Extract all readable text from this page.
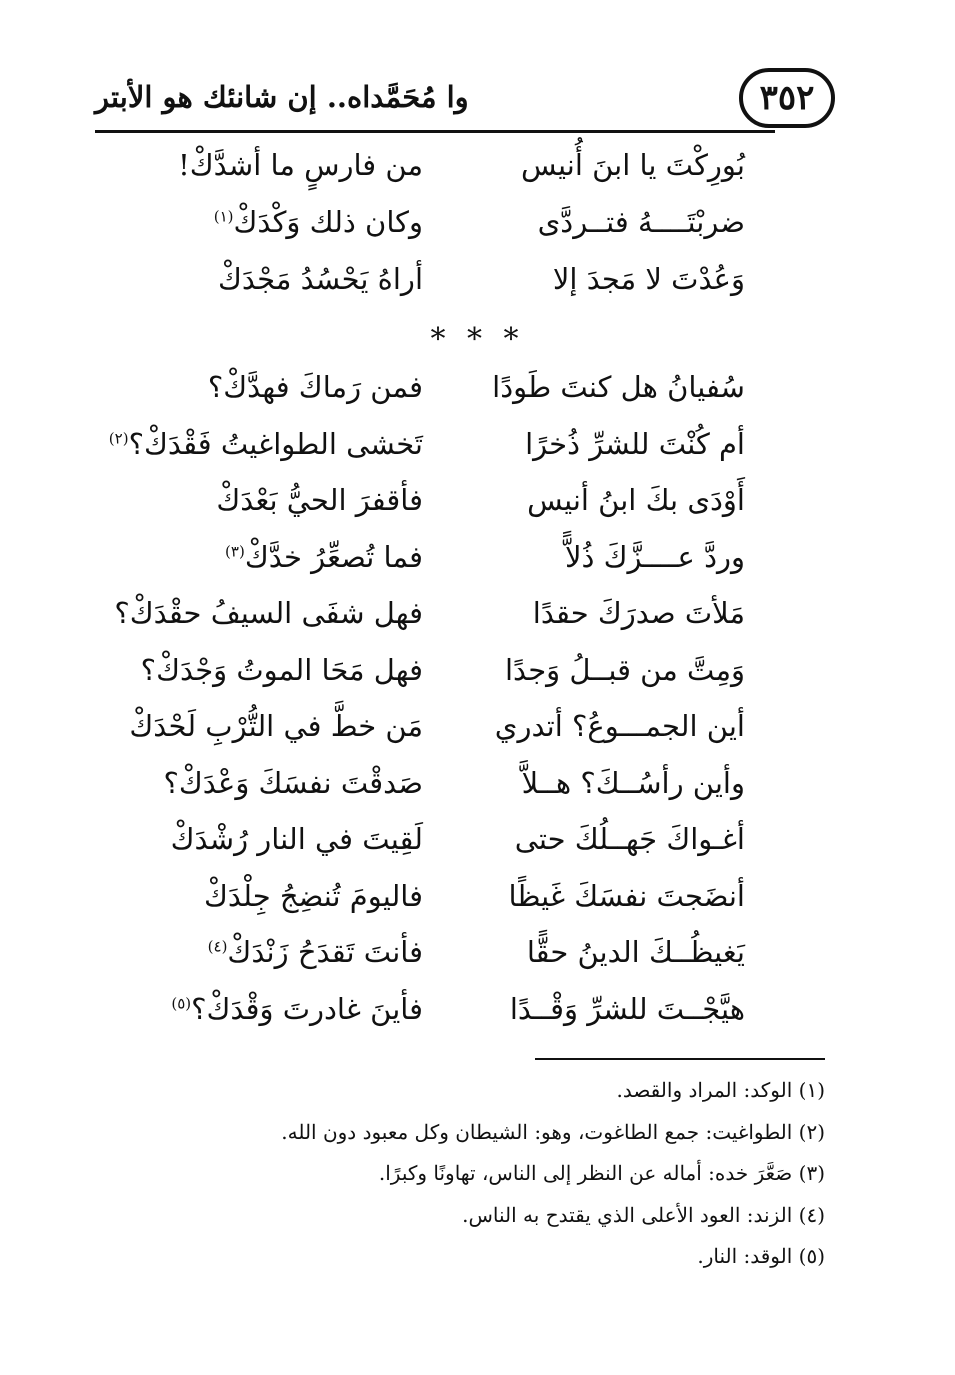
وا مُحَمَّداه.. إن شانئك هو الأبتر	٣٥٢
بُورِكْتَ يا ابنَ أُنيس
من فارسٍ ما أشدَّكْ!
ضربْتَــــهُ فتــردَّى
وكان ذلك وَكْدَكْ$^{(١)}$
وَعُدْتَ لا مَجدَ إلا
أراهُ يَحْسُدُ مَجْدَكْ
* * *
سُفيانُ هل كنتَ طَودًا
فمن رَماكَ فهدَّكْ؟
أم كُنْتَ للشرِّ ذُخرًا
تَخشى الطواغيتُ فَقْدَكْ؟$^{(٢)}$
أَوْدَى بكَ ابنُ أنيس
فأقفرَ الحيُّ بَعْدَكْ
وردَّ عــــزَّكَ ذُلاًّ
فما تُصعِّرُ خدَّكْ$^{(٣)}$
مَلأتَ صدرَكَ حقدًا
فهل شفَى السيفُ حقْدَكْ؟
وَمِتَّ من قبــلُ وَجدًا
فهل مَحَا الموتُ وَجْدَكْ؟
أين الجمـــوعُ؟ أتدري
مَن خطَّ في التُّرْبِ لَحْدَكْ
وأين رأسُــكَ؟ هــلاَّ
صَدقْتَ نفسَكَ وَعْدَكْ؟
أغـواكَ جَهــلُكَ حتى
لَقِيتَ في النار رُشْدَكْ
أنضَجتَ نفسَكَ غَيظًا
فاليومَ تُنضِجُ جِلْدَكْ
يَغيظُــكَ الدينُ حقًّا
فأنتَ تَقدَحُ زَنْدَكْ$^{(٤)}$
هيَّجْــتَ للشرِّ وَقْــدًا
فأينَ غادرتَ وَقْدَكْ؟$^{(٥)}$
(١) الوكد: المراد والقصد.
(٢) الطواغيت: جمع الطاغوت، وهو: الشيطان وكل معبود دون الله.
(٣) صَعَّرَ خده: أماله عن النظر إلى الناس، تهاونًا وكبرًا.
(٤) الزند: العود الأعلى الذي يقتدح به الناس.
(٥) الوقد: النار.
